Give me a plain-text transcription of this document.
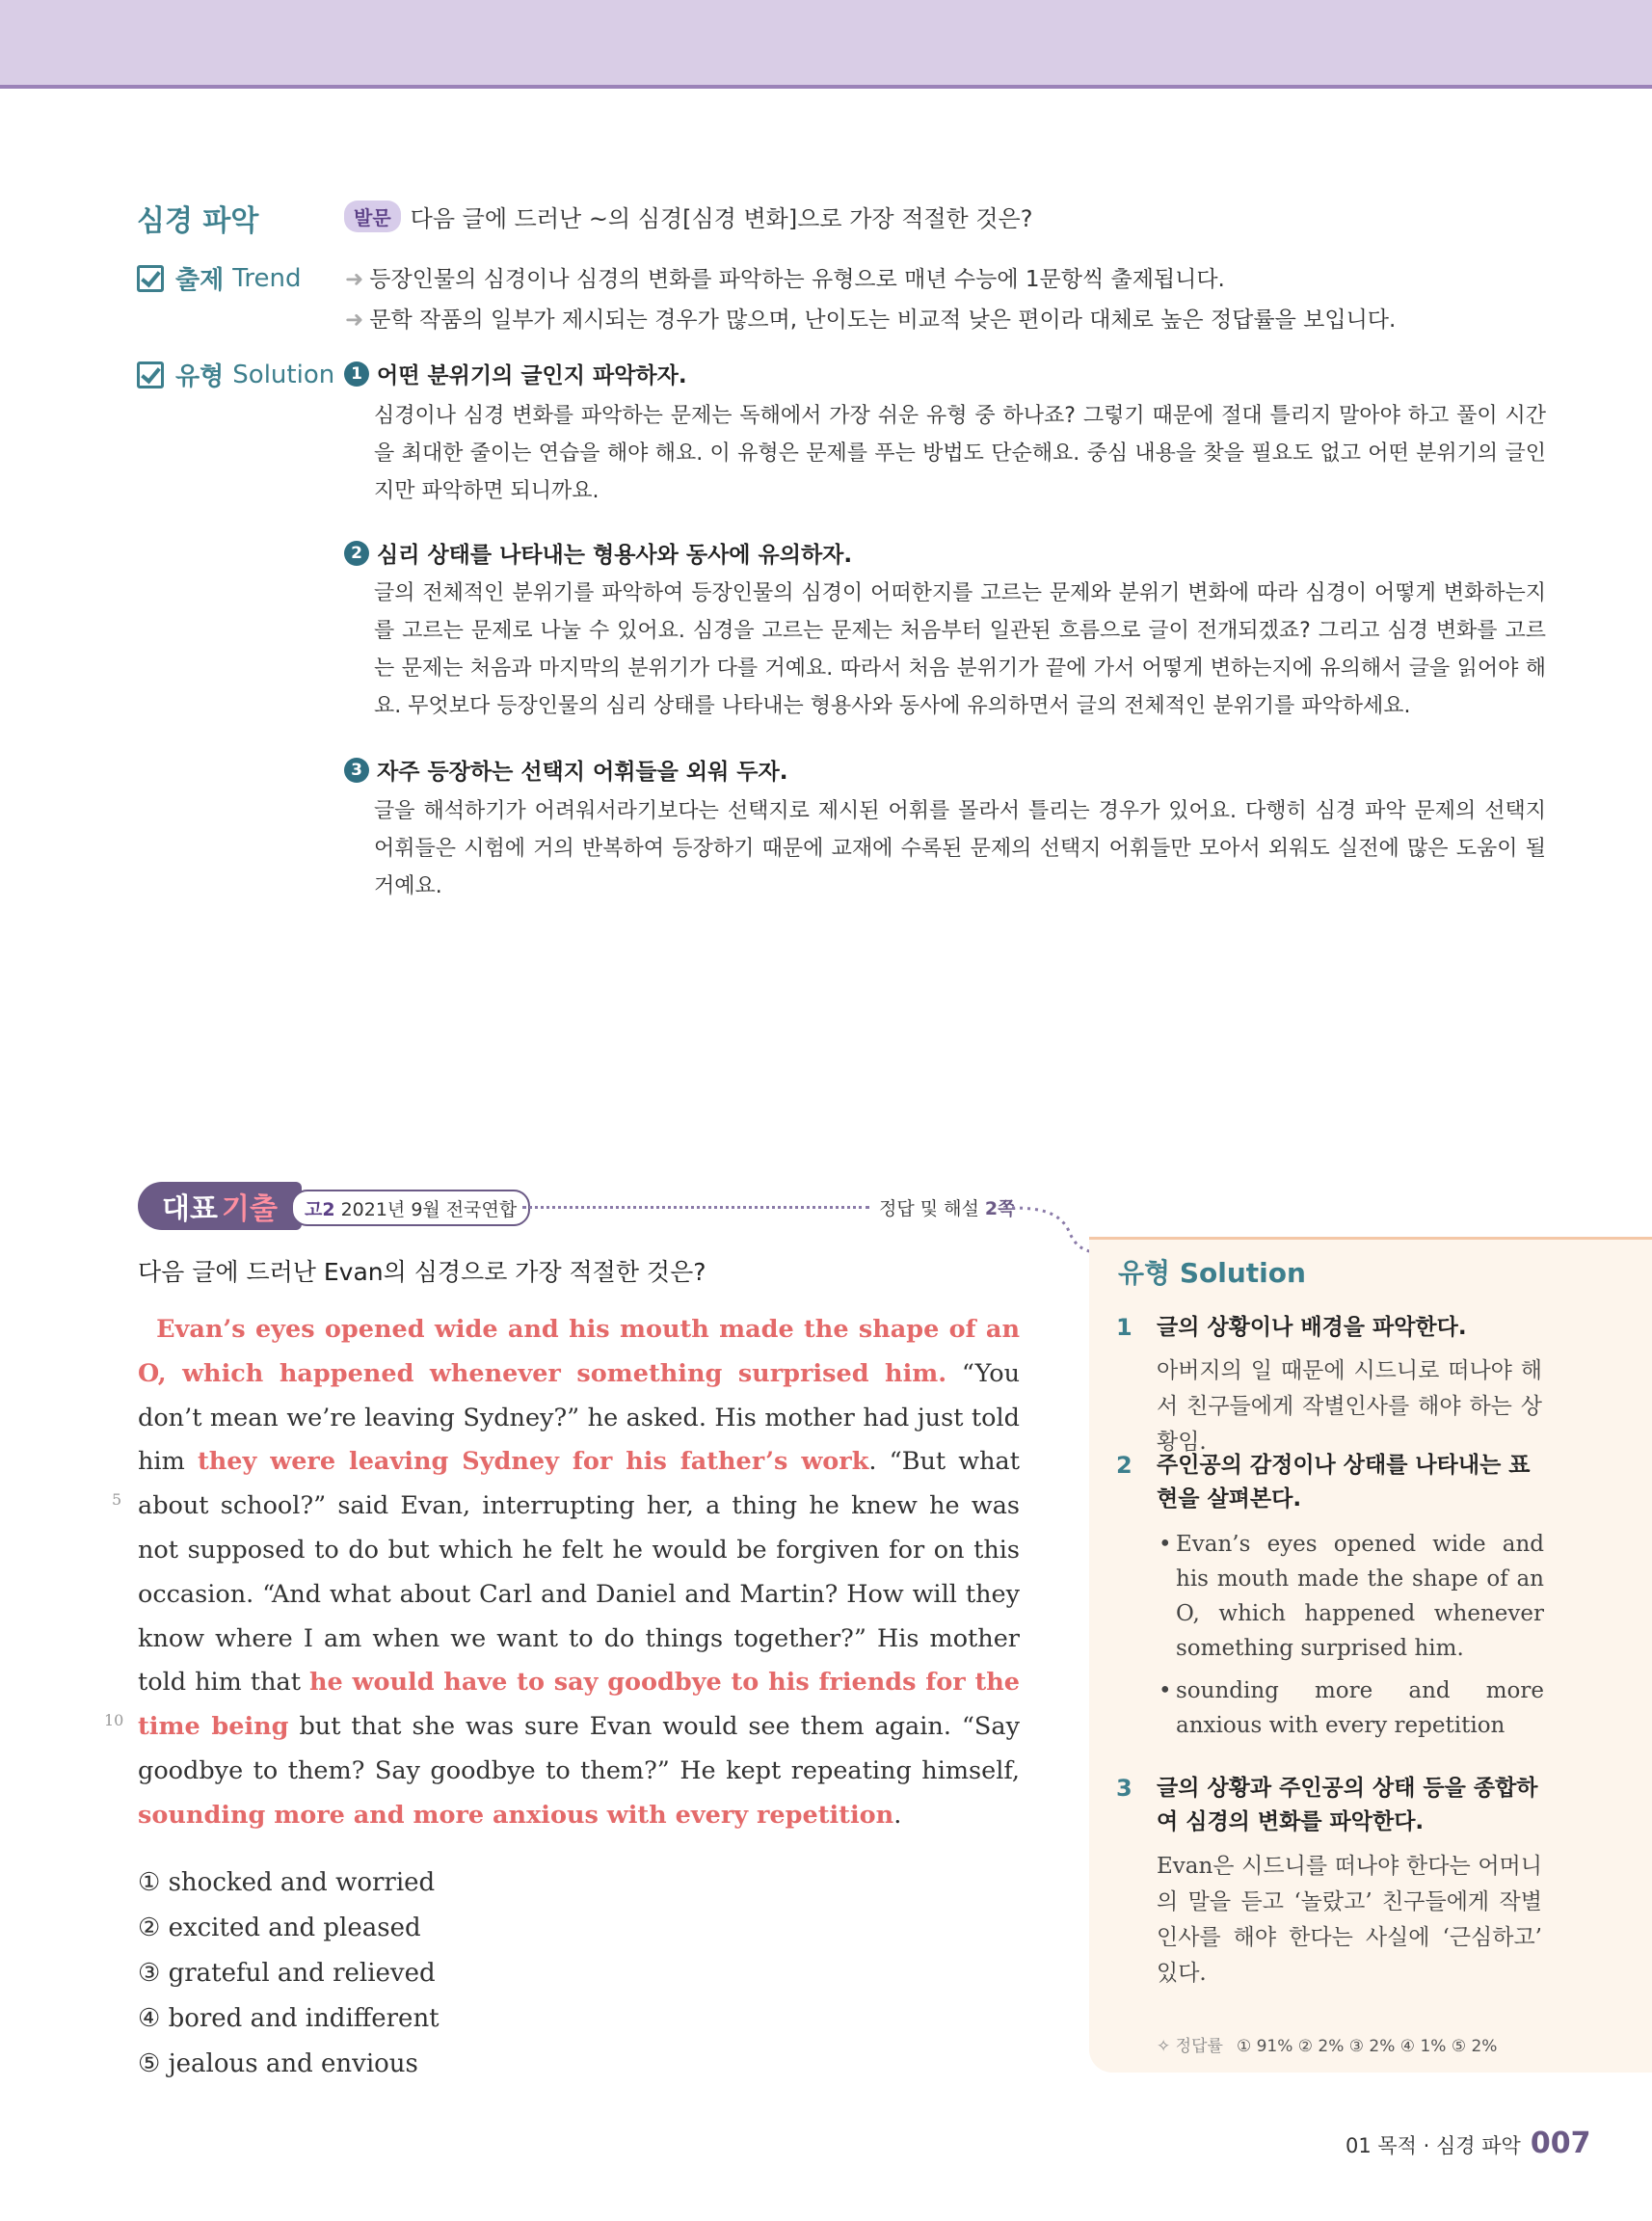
심경 파악	발문 다음 글에 드러난 ~의 심경[심경 변화]으로 가장 적절한 것은?
출제
Trend ➜ 등장인물의 심경이나 심경의 변화를 파악하는 유형으로 매년 수능에 1문항씩 출제됩니다.
➜ 문학 작품의 일부가 제시되는 경우가 많으며, 난이도는 비교적 낮은 편이라 대체로 높은 정답률을 보입니다.
유형
Solution 1 어떤 분위기의 글인지 파악하자.
심경이나 심경 변화를 파악하는 문제는 독해에서 가장 쉬운 유형 중 하나죠? 그렇기 때문에 절대 틀리지 말아야 하고 풀이 시간을 최대한 줄이는 연습을 해야 해요. 이 유형은 문제를 푸는 방법도 단순해요. 중심 내용을 찾을 필요도 없고 어떤 분위기의 글인지만 파악하면 되니까요.
2 심리 상태를 나타내는 형용사와 동사에 유의하자.
글의 전체적인 분위기를 파악하여 등장인물의 심경이 어떠한지를 고르는 문제와 분위기 변화에 따라 심경이 어떻게 변화하는지를 고르는 문제로 나눌 수 있어요. 심경을 고르는 문제는 처음부터 일관된 흐름으로 글이 전개되겠죠? 그리고 심경 변화를 고르는 문제는 처음과 마지막의 분위기가 다를 거예요. 따라서 처음 분위기가 끝에 가서 어떻게 변하는지에 유의해서 글을 읽어야 해요. 무엇보다 등장인물의 심리 상태를 나타내는 형용사와 동사에 유의하면서 글의 전체적인 분위기를 파악하세요.
3 자주 등장하는 선택지 어휘들을 외워 두자.
글을 해석하기가 어려워서라기보다는 선택지로 제시된 어휘를 몰라서 틀리는 경우가 있어요. 다행히 심경 파악 문제의 선택지 어휘들은 시험에 거의 반복하여 등장하기 때문에 교재에 수록된 문제의 선택지 어휘들만 모아서 외워도 실전에 많은 도움이 될 거예요.
대표 기출 고2 2021년 9월 전국연합	정답 및 해설 2쪽
다음 글에 드러난 Evan의 심경으로 가장 적절한 것은?
Evan’s eyes opened wide and his mouth made the shape of an O, which happened whenever something surprised him. “You don’t mean we’re leaving Sydney?” he asked. His mother had just told him they were leaving Sydney for his father’s work. “But what about school?” said Evan, interrupting her, a thing he knew he was not supposed to do but which he felt he would be forgiven for on this occasion. “And what about Carl and Daniel and Martin? How will they know where I am when we want to do things together?” His mother told him that he would have to say goodbye to his friends for the time being but that she was sure Evan would see them again. “Say goodbye to them? Say goodbye to them?” He kept repeating himself, sounding more and more anxious with every repetition.
5
10
① shocked and worried
② excited and pleased
③ grateful and relieved
④ bored and indifferent
⑤ jealous and envious
유형 Solution
1 글의 상황이나 배경을 파악한다.
아버지의 일 때문에 시드니로 떠나야 해서 친구들에게 작별인사를 해야 하는 상황임.
2 주인공의 감정이나 상태를 나타내는 표현을 살펴본다.
• Evan’s eyes opened wide and his mouth made the shape of an O, which happened whenever something surprised him.
• sounding more and more anxious with every repetition
3 글의 상황과 주인공의 상태 등을 종합하여 심경의 변화를 파악한다.
Evan은 시드니를 떠나야 한다는 어머니의 말을 듣고 ‘놀랐고’ 친구들에게 작별인사를 해야 한다는 사실에 ‘근심하고’ 있다.
✧ 정답률 ① 91% ② 2% ③ 2% ④ 1% ⑤ 2%
01 목적 · 심경 파악 007
